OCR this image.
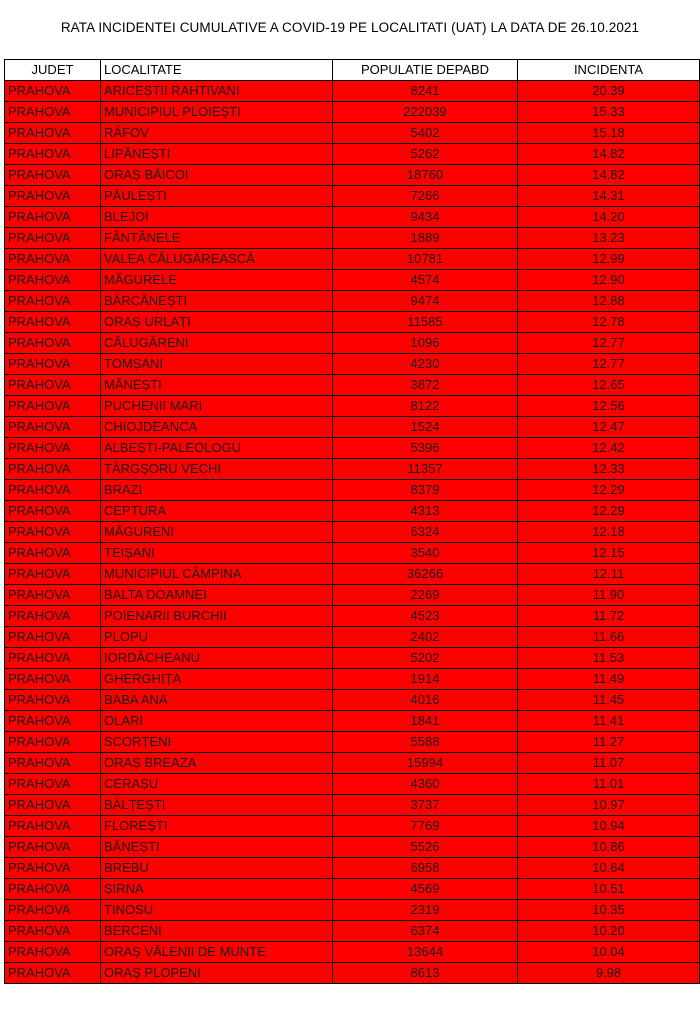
RATA INCIDENTEI CUMULATIVE A COVID-19 PE LOCALITATI (UAT) LA DATA DE 26.10.2021
JUDET	LOCALITATE	POPULATIE DEPABD	INCIDENTA
PRAHOVA	ARICEȘTII RAHTIVANI	8241	20.39
PRAHOVA	MUNICIPIUL PLOIEȘTI	222039	15.33
PRAHOVA	RÂFOV	5402	15.18
PRAHOVA	LIPĂNEȘTI	5262	14.82
PRAHOVA	ORAȘ BĂICOI	18760	14.82
PRAHOVA	PĂULEȘTI	7266	14.31
PRAHOVA	BLEJOI	9434	14.20
PRAHOVA	FÂNTÂNELE	1889	13.23
PRAHOVA	VALEA CĂLUGĂREASCĂ	10781	12.99
PRAHOVA	MĂGURELE	4574	12.90
PRAHOVA	BĂRCĂNEȘTI	9474	12.88
PRAHOVA	ORAȘ URLAȚI	11585	12.78
PRAHOVA	CĂLUGĂRENI	1096	12.77
PRAHOVA	TOMȘANI	4230	12.77
PRAHOVA	MĂNEȘTI	3872	12.65
PRAHOVA	PUCHENII MARI	8122	12.56
PRAHOVA	CHIOJDEANCA	1524	12.47
PRAHOVA	ALBEȘTI-PALEOLOGU	5396	12.42
PRAHOVA	TÂRGȘORU VECHI	11357	12.33
PRAHOVA	BRAZI	8379	12.29
PRAHOVA	CEPTURA	4313	12.29
PRAHOVA	MĂGURENI	6324	12.18
PRAHOVA	TEIȘANI	3540	12.15
PRAHOVA	MUNICIPIUL CÂMPINA	36266	12.11
PRAHOVA	BALTA DOAMNEI	2269	11.90
PRAHOVA	POIENARII BURCHII	4523	11.72
PRAHOVA	PLOPU	2402	11.66
PRAHOVA	IORDĂCHEANU	5202	11.53
PRAHOVA	GHERGHIȚA	1914	11.49
PRAHOVA	BABA ANA	4016	11.45
PRAHOVA	OLARI	1841	11.41
PRAHOVA	SCORȚENI	5588	11.27
PRAHOVA	ORAȘ BREAZA	15994	11.07
PRAHOVA	CERAȘU	4360	11.01
PRAHOVA	BĂLȚEȘTI	3737	10.97
PRAHOVA	FLOREȘTI	7769	10.94
PRAHOVA	BĂNEȘTI	5526	10.86
PRAHOVA	BREBU	6958	10.64
PRAHOVA	ȘIRNA	4569	10.51
PRAHOVA	TINOSU	2319	10.35
PRAHOVA	BERCENI	6374	10.20
PRAHOVA	ORAȘ VĂLENII DE MUNTE	13644	10.04
PRAHOVA	ORAȘ PLOPENI	8613	9.98
